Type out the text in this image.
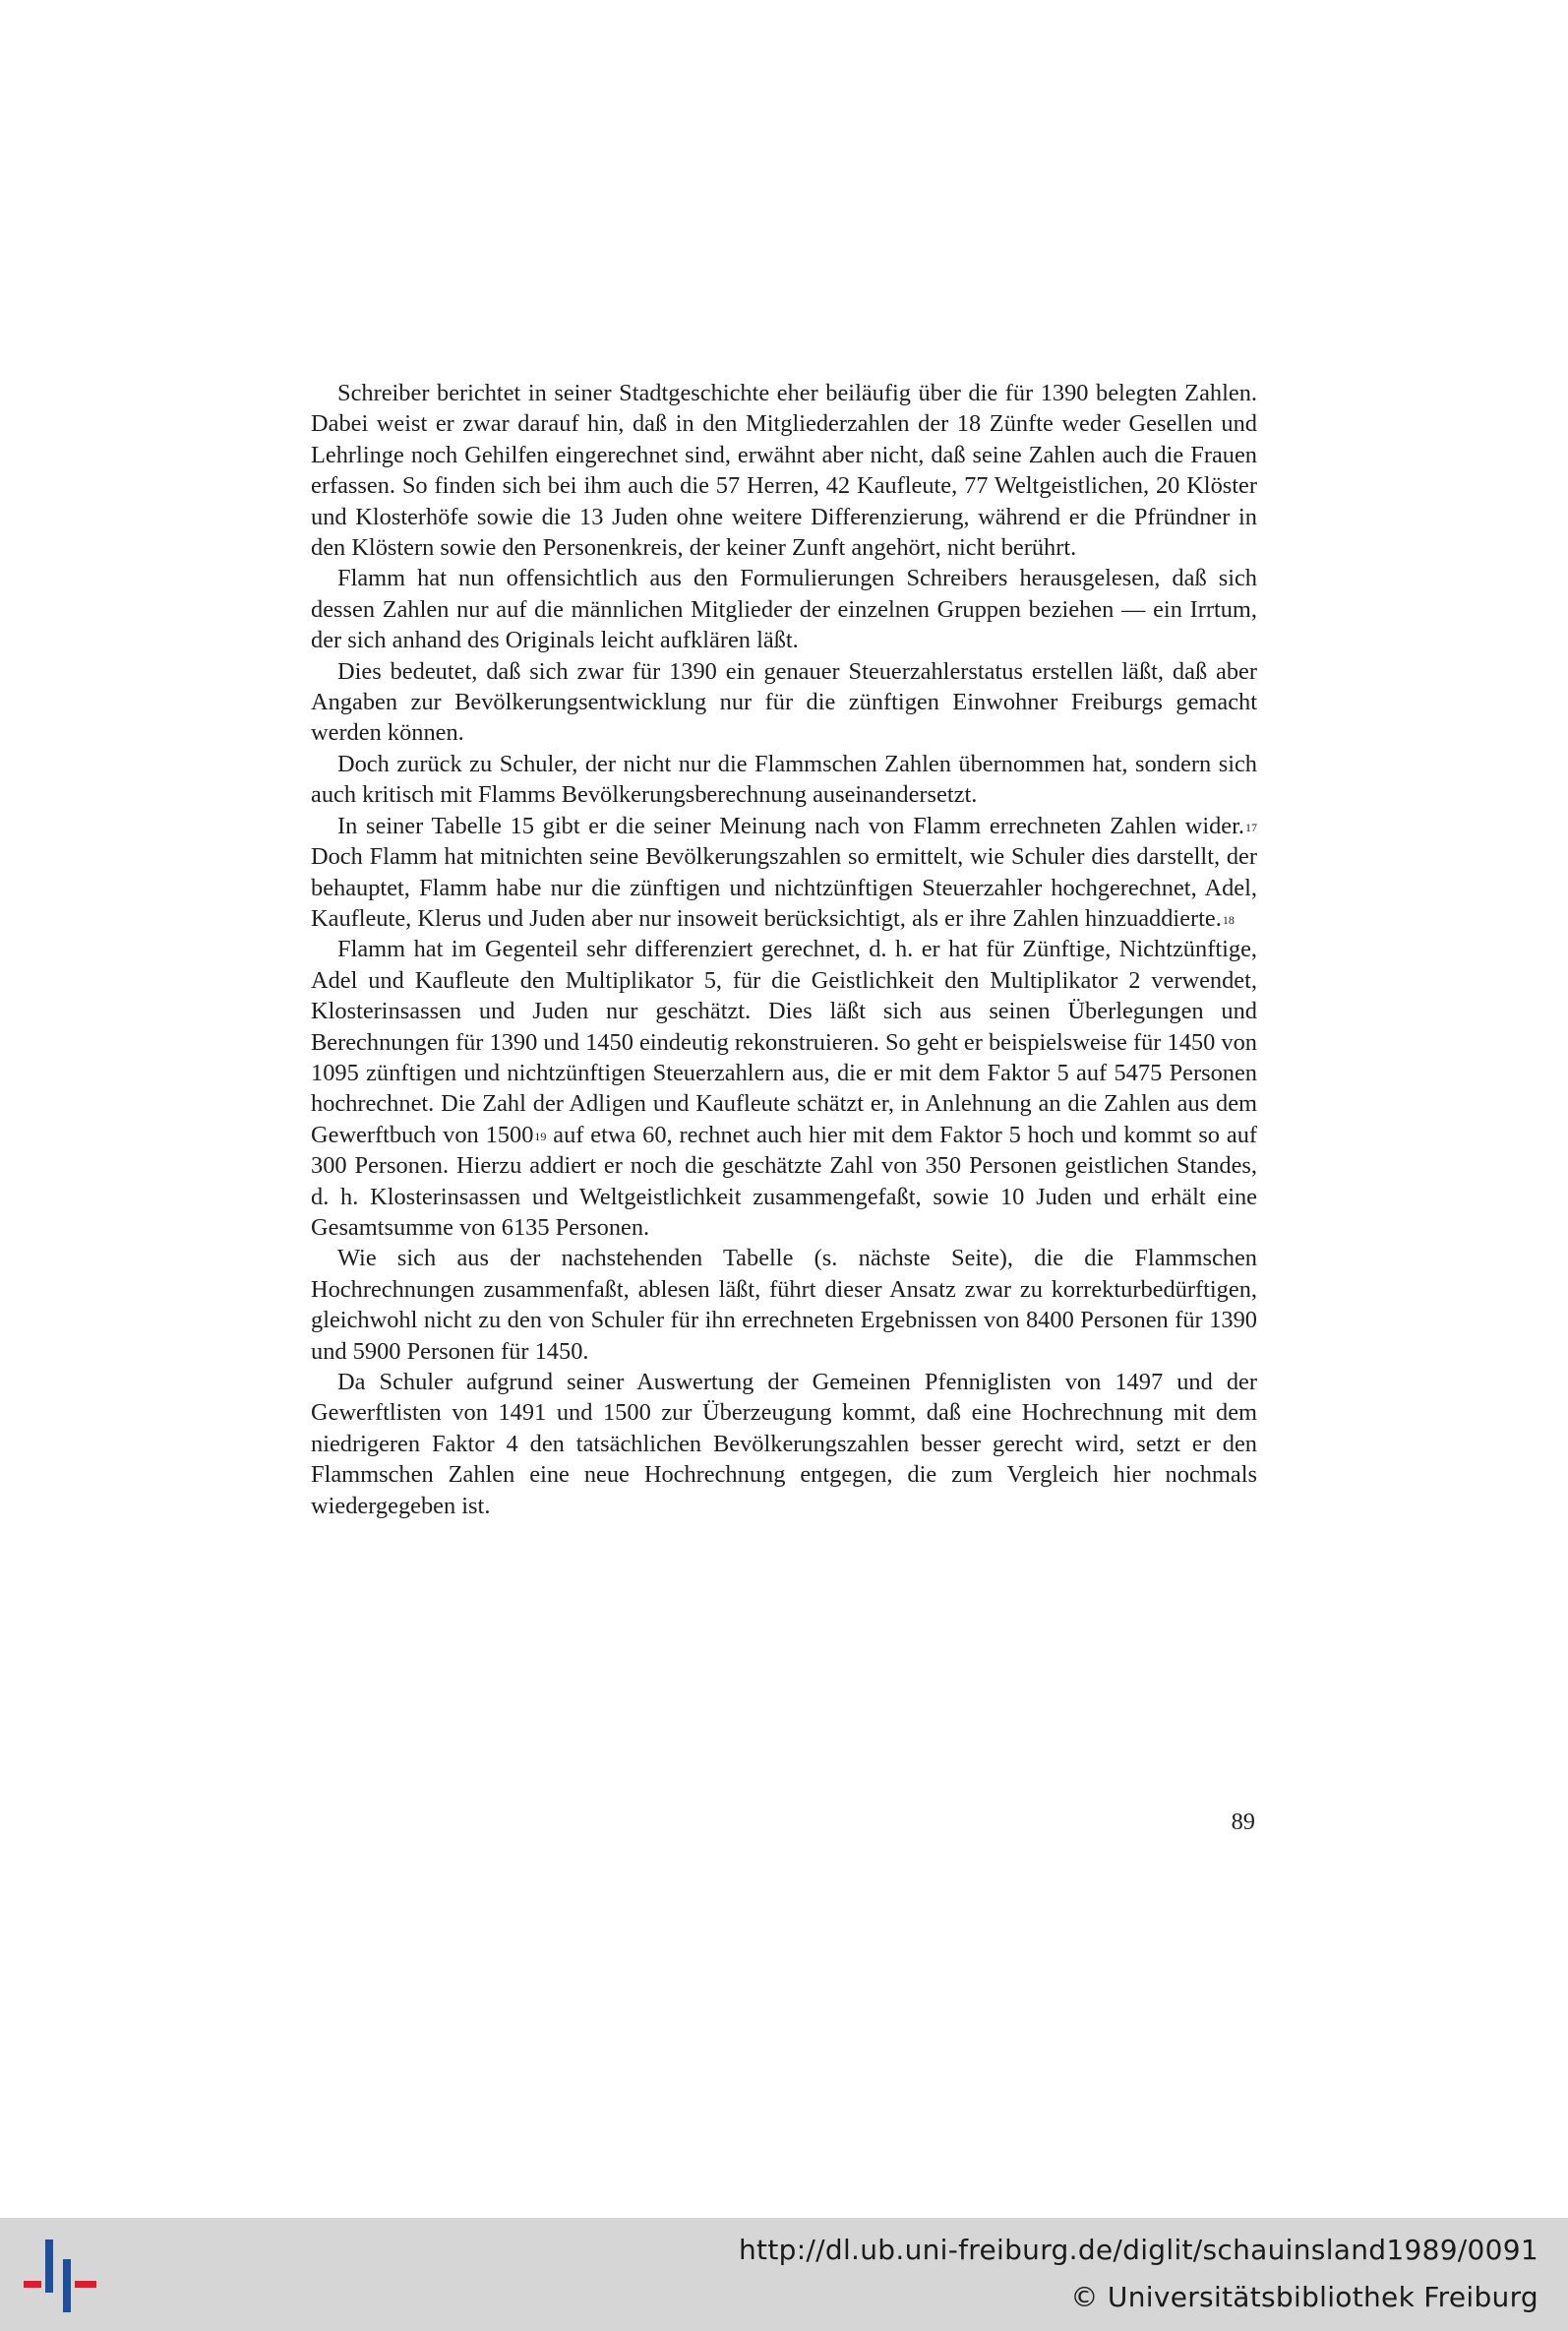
Schreiber berichtet in seiner Stadtgeschichte eher beiläufig über die für 1390 belegten Zahlen. Dabei weist er zwar darauf hin, daß in den Mitgliederzahlen der 18 Zünfte weder Gesellen und Lehrlinge noch Gehilfen eingerechnet sind, erwähnt aber nicht, daß seine Zahlen auch die Frauen erfassen. So finden sich bei ihm auch die 57 Herren, 42 Kaufleute, 77 Weltgeistlichen, 20 Klöster und Klosterhöfe sowie die 13 Juden ohne weitere Differenzierung, während er die Pfründner in den Klöstern sowie den Personenkreis, der keiner Zunft angehört, nicht berührt.

Flamm hat nun offensichtlich aus den Formulierungen Schreibers herausgelesen, daß sich dessen Zahlen nur auf die männlichen Mitglieder der einzelnen Gruppen beziehen — ein Irrtum, der sich anhand des Originals leicht aufklären läßt.

Dies bedeutet, daß sich zwar für 1390 ein genauer Steuerzahlerstatus erstellen läßt, daß aber Angaben zur Bevölkerungsentwicklung nur für die zünftigen Einwohner Freiburgs gemacht werden können.

Doch zurück zu Schuler, der nicht nur die Flammschen Zahlen übernommen hat, sondern sich auch kritisch mit Flamms Bevölkerungsberechnung auseinandersetzt.

In seiner Tabelle 15 gibt er die seiner Meinung nach von Flamm errechneten Zahlen wider.$^{17}$ Doch Flamm hat mitnichten seine Bevölkerungszahlen so ermittelt, wie Schuler dies darstellt, der behauptet, Flamm habe nur die zünftigen und nichtzünftigen Steuerzahler hochgerechnet, Adel, Kaufleute, Klerus und Juden aber nur insoweit berücksichtigt, als er ihre Zahlen hinzuaddierte.$^{18}$

Flamm hat im Gegenteil sehr differenziert gerechnet, d. h. er hat für Zünftige, Nichtzünftige, Adel und Kaufleute den Multiplikator 5, für die Geistlichkeit den Multiplikator 2 verwendet, Klosterinsassen und Juden nur geschätzt. Dies läßt sich aus seinen Überlegungen und Berechnungen für 1390 und 1450 eindeutig rekonstruieren. So geht er beispielsweise für 1450 von 1095 zünftigen und nichtzünftigen Steuerzahlern aus, die er mit dem Faktor 5 auf 5475 Personen hochrechnet. Die Zahl der Adligen und Kaufleute schätzt er, in Anlehnung an die Zahlen aus dem Gewerftbuch von 1500$^{19}$ auf etwa 60, rechnet auch hier mit dem Faktor 5 hoch und kommt so auf 300 Personen. Hierzu addiert er noch die geschätzte Zahl von 350 Personen geistlichen Standes, d. h. Klosterinsassen und Weltgeistlichkeit zusammengefaßt, sowie 10 Juden und erhält eine Gesamtsumme von 6135 Personen.

Wie sich aus der nachstehenden Tabelle (s. nächste Seite), die die Flammschen Hochrechnungen zusammenfaßt, ablesen läßt, führt dieser Ansatz zwar zu korrekturbedürftigen, gleichwohl nicht zu den von Schuler für ihn errechneten Ergebnissen von 8400 Personen für 1390 und 5900 Personen für 1450.

Da Schuler aufgrund seiner Auswertung der Gemeinen Pfenniglisten von 1497 und der Gewerftlisten von 1491 und 1500 zur Überzeugung kommt, daß eine Hochrechnung mit dem niedrigeren Faktor 4 den tatsächlichen Bevölkerungszahlen besser gerecht wird, setzt er den Flammschen Zahlen eine neue Hochrechnung entgegen, die zum Vergleich hier nochmals wiedergegeben ist.

89
http://dl.ub.uni-freiburg.de/diglit/schauinsland1989/0091
© Universitätsbibliothek Freiburg
